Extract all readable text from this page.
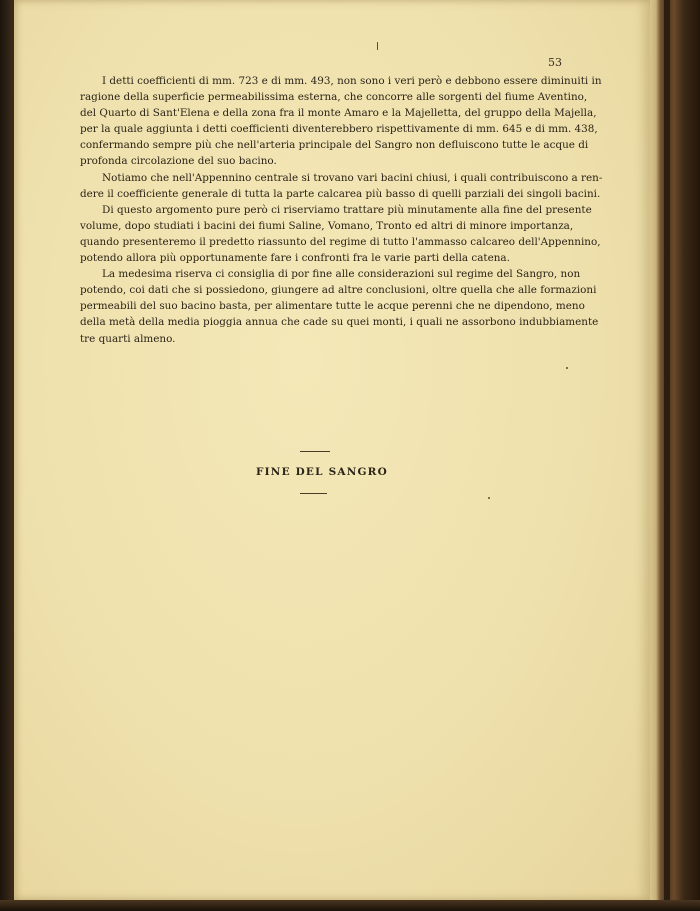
53
I detti coefficienti di mm. 723 e di mm. 493, non sono i veri però e debbono essere diminuiti in
ragione della superficie permeabilissima esterna, che concorre alle sorgenti del fiume Aventino,
del Quarto di Sant'Elena e della zona fra il monte Amaro e la Majelletta, del gruppo della Majella,
per la quale aggiunta i detti coefficienti diventerebbero rispettivamente di mm. 645 e di mm. 438,
confermando sempre più che nell'arteria principale del Sangro non defluiscono tutte le acque di
profonda circolazione del suo bacino.
Notiamo che nell'Appennino centrale si trovano vari bacini chiusi, i quali contribuiscono a ren-
dere il coefficiente generale di tutta la parte calcarea più basso di quelli parziali dei singoli bacini.
Di questo argomento pure però ci riserviamo trattare più minutamente alla fine del presente
volume, dopo studiati i bacini dei fiumi Saline, Vomano, Tronto ed altri di minore importanza,
quando presenteremo il predetto riassunto del regime di tutto l'ammasso calcareo dell'Appennino,
potendo allora più opportunamente fare i confronti fra le varie parti della catena.
La medesima riserva ci consiglia di por fine alle considerazioni sul regime del Sangro, non
potendo, coi dati che si possiedono, giungere ad altre conclusioni, oltre quella che alle formazioni
permeabili del suo bacino basta, per alimentare tutte le acque perenni che ne dipendono, meno
della metà della media pioggia annua che cade su quei monti, i quali ne assorbono indubbiamente
tre quarti almeno.
FINE DEL SANGRO
